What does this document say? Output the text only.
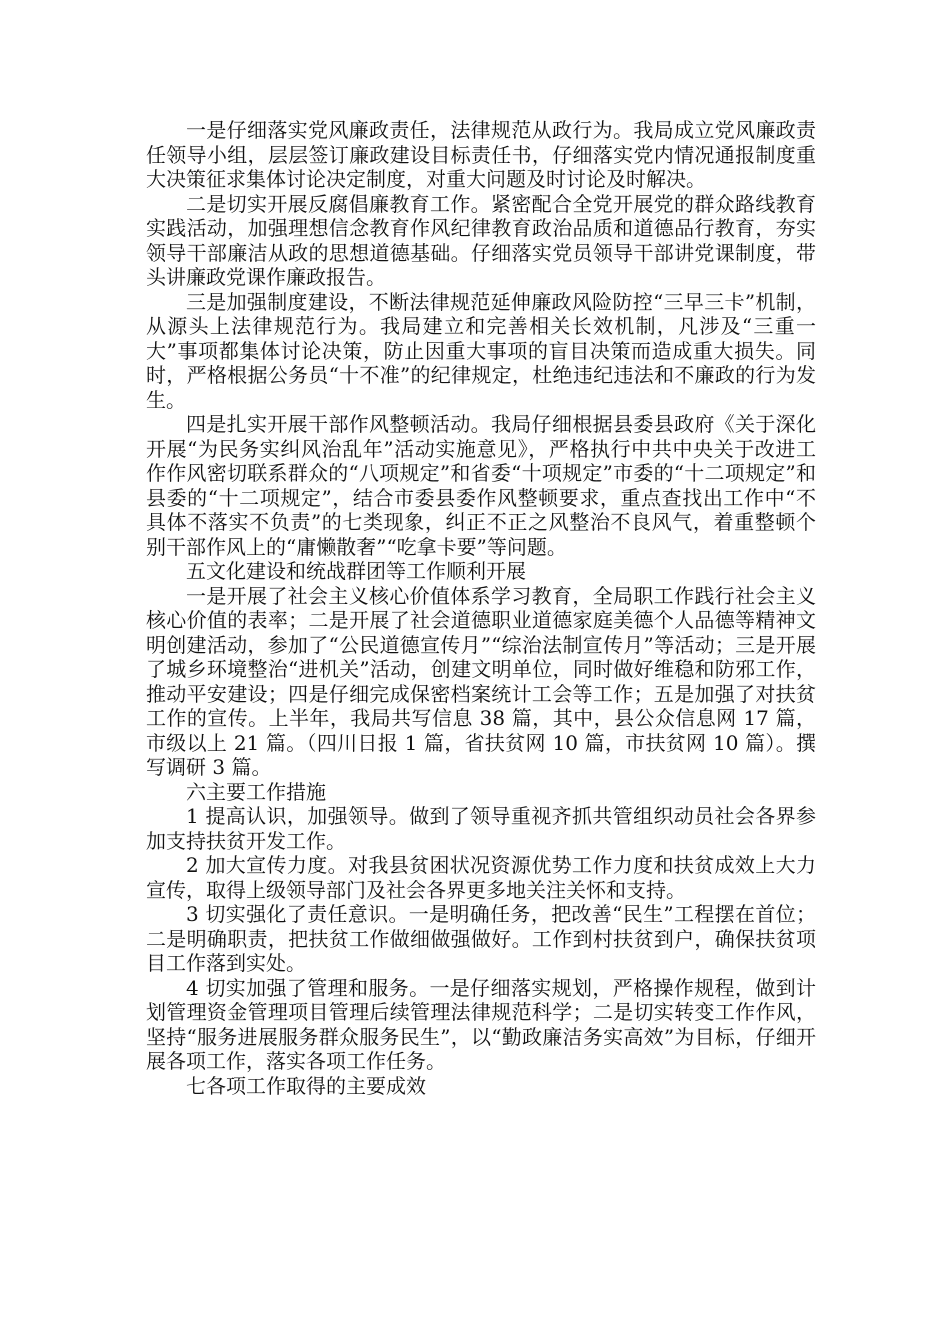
一是仔细落实党风廉政责任，法律规范从政行为。我局成立党风廉政责任领导小组，层层签订廉政建设目标责任书，仔细落实党内情况通报制度重大决策征求集体讨论决定制度，对重大问题及时讨论及时解决。

二是切实开展反腐倡廉教育工作。紧密配合全党开展党的群众路线教育实践活动，加强理想信念教育作风纪律教育政治品质和道德品行教育，夯实领导干部廉洁从政的思想道德基础。仔细落实党员领导干部讲党课制度，带头讲廉政党课作廉政报告。

三是加强制度建设，不断法律规范延伸廉政风险防控“三早三卡”机制，从源头上法律规范行为。我局建立和完善相关长效机制，凡涉及“三重一大”事项都集体讨论决策，防止因重大事项的盲目决策而造成重大损失。同时，严格根据公务员“十不准”的纪律规定，杜绝违纪违法和不廉政的行为发生。

四是扎实开展干部作风整顿活动。我局仔细根据县委县政府《关于深化开展“为民务实纠风治乱年”活动实施意见》，严格执行中共中央关于改进工作作风密切联系群众的“八项规定”和省委“十项规定”市委的“十二项规定”和县委的“十二项规定”，结合市委县委作风整顿要求，重点查找出工作中“不具体不落实不负责”的七类现象，纠正不正之风整治不良风气，着重整顿个别干部作风上的“庸懒散奢”“吃拿卡要”等问题。

五文化建设和统战群团等工作顺利开展

一是开展了社会主义核心价值体系学习教育，全局职工作践行社会主义核心价值的表率；二是开展了社会道德职业道德家庭美德个人品德等精神文明创建活动，参加了“公民道德宣传月”“综治法制宣传月”等活动；三是开展了城乡环境整治“进机关”活动，创建文明单位，同时做好维稳和防邪工作，推动平安建设；四是仔细完成保密档案统计工会等工作；五是加强了对扶贫工作的宣传。上半年，我局共写信息 38 篇，其中，县公众信息网 17 篇，市级以上 21 篇。（四川日报 1 篇，省扶贫网 10 篇，市扶贫网 10 篇）。撰写调研 3 篇。

六主要工作措施

1 提高认识，加强领导。做到了领导重视齐抓共管组织动员社会各界参加支持扶贫开发工作。

2 加大宣传力度。对我县贫困状况资源优势工作力度和扶贫成效上大力宣传，取得上级领导部门及社会各界更多地关注关怀和支持。

3 切实强化了责任意识。一是明确任务，把改善“民生”工程摆在首位；二是明确职责，把扶贫工作做细做强做好。工作到村扶贫到户，确保扶贫项目工作落到实处。

4 切实加强了管理和服务。一是仔细落实规划，严格操作规程，做到计划管理资金管理项目管理后续管理法律规范科学；二是切实转变工作作风，坚持“服务进展服务群众服务民生”，以“勤政廉洁务实高效”为目标，仔细开展各项工作，落实各项工作任务。

七各项工作取得的主要成效
